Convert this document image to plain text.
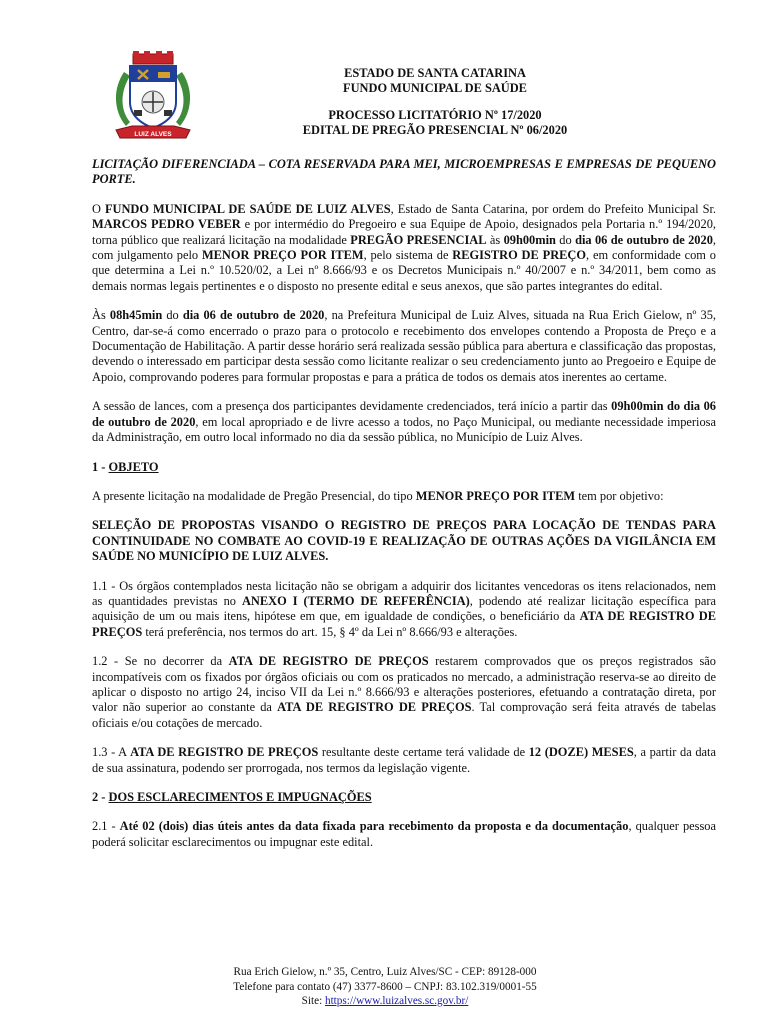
LUIZ ALVES
ESTADO DE SANTA CATARINA
FUNDO MUNICIPAL DE SAÚDE
PROCESSO LICITATÓRIO Nº 17/2020
EDITAL DE PREGÃO PRESENCIAL Nº 06/2020

LICITAÇÃO DIFERENCIADA – COTA RESERVADA PARA MEI, MICROEMPRESAS E EMPRESAS DE PEQUENO PORTE.

O FUNDO MUNICIPAL DE SAÚDE DE LUIZ ALVES, Estado de Santa Catarina, por ordem do Prefeito Municipal Sr. MARCOS PEDRO VEBER e por intermédio do Pregoeiro e sua Equipe de Apoio, designados pela Portaria n.º 194/2020, torna público que realizará licitação na modalidade PREGÃO PRESENCIAL às 09h00min do dia 06 de outubro de 2020, com julgamento pelo MENOR PREÇO POR ITEM, pelo sistema de REGISTRO DE PREÇO, em conformidade com o que determina a Lei n.º 10.520/02, a Lei nº 8.666/93 e os Decretos Municipais n.º 40/2007 e n.º 34/2011, bem como as demais normas legais pertinentes e o disposto no presente edital e seus anexos, que são partes integrantes do edital.

Às 08h45min do dia 06 de outubro de 2020, na Prefeitura Municipal de Luiz Alves, situada na Rua Erich Gielow, nº 35, Centro, dar-se-á como encerrado o prazo para o protocolo e recebimento dos envelopes contendo a Proposta de Preço e a Documentação de Habilitação. A partir desse horário será realizada sessão pública para abertura e classificação das propostas, devendo o interessado em participar desta sessão como licitante realizar o seu credenciamento junto ao Pregoeiro e Equipe de Apoio, comprovando poderes para formular propostas e para a prática de todos os demais atos inerentes ao certame.

A sessão de lances, com a presença dos participantes devidamente credenciados, terá início a partir das 09h00min do dia 06 de outubro de 2020, em local apropriado e de livre acesso a todos, no Paço Municipal, ou mediante necessidade imperiosa da Administração, em outro local informado no dia da sessão pública, no Município de Luiz Alves.

1 - OBJETO

A presente licitação na modalidade de Pregão Presencial, do tipo MENOR PREÇO POR ITEM tem por objetivo:

SELEÇÃO DE PROPOSTAS VISANDO O REGISTRO DE PREÇOS PARA LOCAÇÃO DE TENDAS PARA CONTINUIDADE NO COMBATE AO COVID-19 E REALIZAÇÃO DE OUTRAS AÇÕES DA VIGILÂNCIA EM SAÚDE NO MUNICÍPIO DE LUIZ ALVES.

1.1 - Os órgãos contemplados nesta licitação não se obrigam a adquirir dos licitantes vencedoras os itens relacionados, nem as quantidades previstas no ANEXO I (TERMO DE REFERÊNCIA), podendo até realizar licitação específica para aquisição de um ou mais itens, hipótese em que, em igualdade de condições, o beneficiário da ATA DE REGISTRO DE PREÇOS terá preferência, nos termos do art. 15, § 4º da Lei nº 8.666/93 e alterações.

1.2 - Se no decorrer da ATA DE REGISTRO DE PREÇOS restarem comprovados que os preços registrados são incompatíveis com os fixados por órgãos oficiais ou com os praticados no mercado, a administração reserva-se ao direito de aplicar o disposto no artigo 24, inciso VII da Lei n.º 8.666/93 e alterações posteriores, efetuando a contratação direta, por valor não superior ao constante da ATA DE REGISTRO DE PREÇOS. Tal comprovação será feita através de tabelas oficiais e/ou cotações de mercado.

1.3 - A ATA DE REGISTRO DE PREÇOS resultante deste certame terá validade de 12 (DOZE) MESES, a partir da data de sua assinatura, podendo ser prorrogada, nos termos da legislação vigente.

2 - DOS ESCLARECIMENTOS E IMPUGNAÇÕES

2.1 - Até 02 (dois) dias úteis antes da data fixada para recebimento da proposta e da documentação, qualquer pessoa poderá solicitar esclarecimentos ou impugnar este edital.

Rua Erich Gielow, n.º 35, Centro, Luiz Alves/SC - CEP: 89128-000
Telefone para contato (47) 3377-8600 – CNPJ: 83.102.319/0001-55
Site: https://www.luizalves.sc.gov.br/
